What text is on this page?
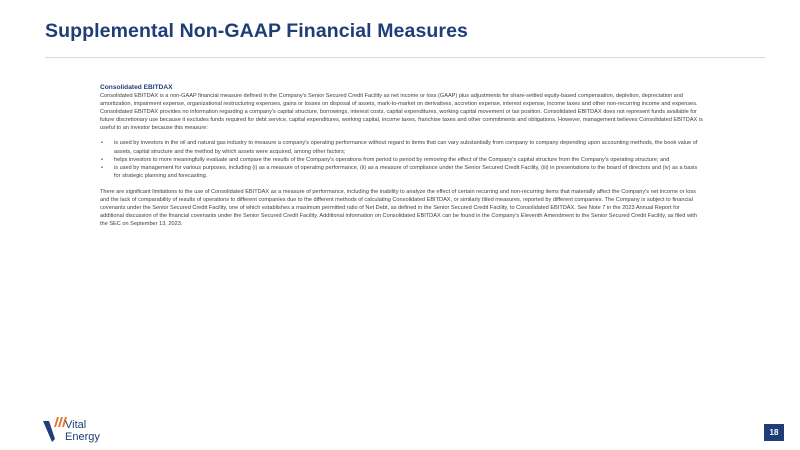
Supplemental Non-GAAP Financial Measures
Consolidated EBITDAX

Consolidated EBITDAX is a non-GAAP financial measure defined in the Company's Senior Secured Credit Facility as net income or loss (GAAP) plus adjustments for share-settled equity-based compensation, depletion, depreciation and amortization, impairment expense, organizational restructuring expenses, gains or losses on disposal of assets, mark-to-market on derivatives, accretion expense, interest expense, income taxes and other non-recurring income and expenses. Consolidated EBITDAX provides no information regarding a company's capital structure, borrowings, interest costs, capital expenditures, working capital movement or tax position. Consolidated EBITDAX does not represent funds available for future discretionary use because it excludes funds required for debt service, capital expenditures, working capital, income taxes, franchise taxes and other commitments and obligations. However, management believes Consolidated EBITDAX is useful to an investor because this measure:

• is used by investors in the oil and natural gas industry to measure a company's operating performance without regard to items that can vary substantially from company to company depending upon accounting methods, the book value of assets, capital structure and the method by which assets were acquired, among other factors;
• helps investors to more meaningfully evaluate and compare the results of the Company's operations from period to period by removing the effect of the Company's capital structure from the Company's operating structure; and
• is used by management for various purposes, including (i) as a measure of operating performance, (ii) as a measure of compliance under the Senior Secured Credit Facility, (iii) in presentations to the board of directors and (iv) as a basis for strategic planning and forecasting.

There are significant limitations to the use of Consolidated EBITDAX as a measure of performance, including the inability to analyze the effect of certain recurring and non-recurring items that materially affect the Company's net income or loss and the lack of comparability of results of operations to different companies due to the different methods of calculating Consolidated EBITDAX, or similarly titled measures, reported by different companies. The Company is subject to financial covenants under the Senior Secured Credit Facility, one of which establishes a maximum permitted ratio of Net Debt, as defined in the Senior Secured Credit Facility, to Consolidated EBITDAX. See Note 7 in the 2023 Annual Report for additional discussion of the financial covenants under the Senior Secured Credit Facility. Additional information on Consolidated EBITDAX can be found in the Company's Eleventh Amendment to the Senior Secured Credit Facility, as filed with the SEC on September 13, 2023.

Vital
Energy	18
